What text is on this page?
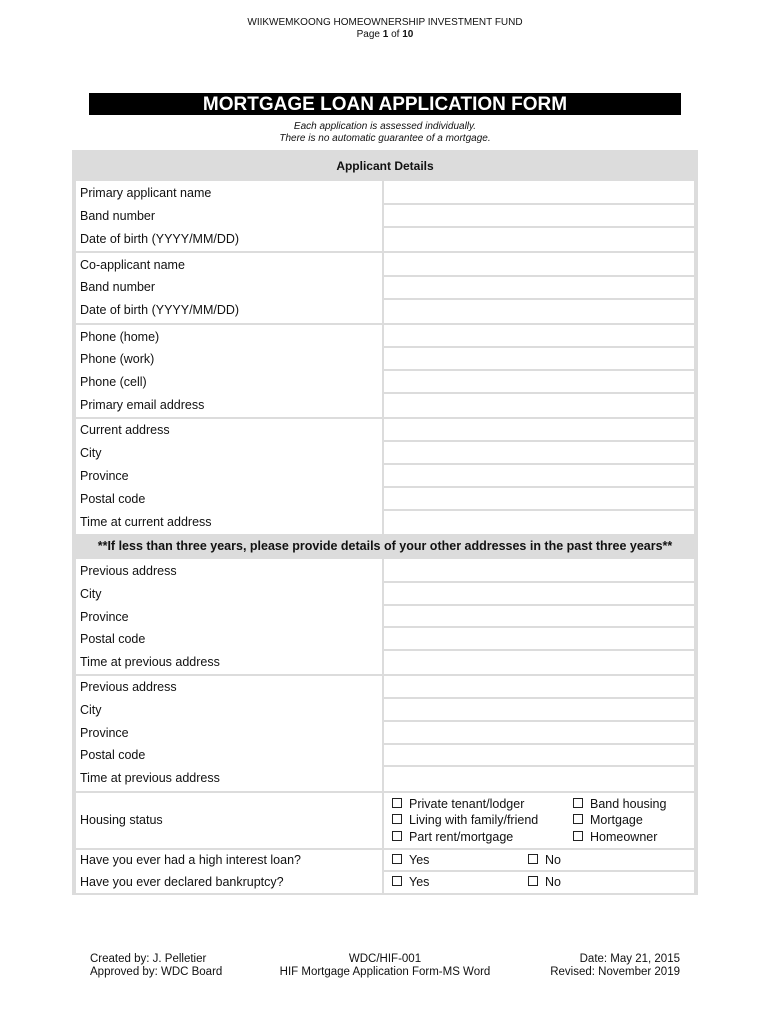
WIIKWEMKOONG HOMEOWNERSHIP INVESTMENT FUND
Page 1 of 10
MORTGAGE LOAN APPLICATION FORM
Each application is assessed individually.
There is no automatic guarantee of a mortgage.
Applicant Details
Primary applicant name
Band number
Date of birth (YYYY/MM/DD)
Co-applicant name
Band number
Date of birth (YYYY/MM/DD)
Phone (home)
Phone (work)
Phone (cell)
Primary email address
Current address
City
Province
Postal code
Time at current address
**If less than three years, please provide details of your other addresses in the past three years**
Previous address
City
Province
Postal code
Time at previous address
Previous address
City
Province
Postal code
Time at previous address
Housing status
Private tenant/lodger
Living with family/friend
Part rent/mortgage
Band housing
Mortgage
Homeowner
Have you ever had a high interest loan?
Have you ever declared bankruptcy?
Yes	No
Yes	No
Created by: J. Pelletier
Approved by: WDC Board
WDC/HIF-001
HIF Mortgage Application Form-MS Word
Date: May 21, 2015
Revised: November 2019
